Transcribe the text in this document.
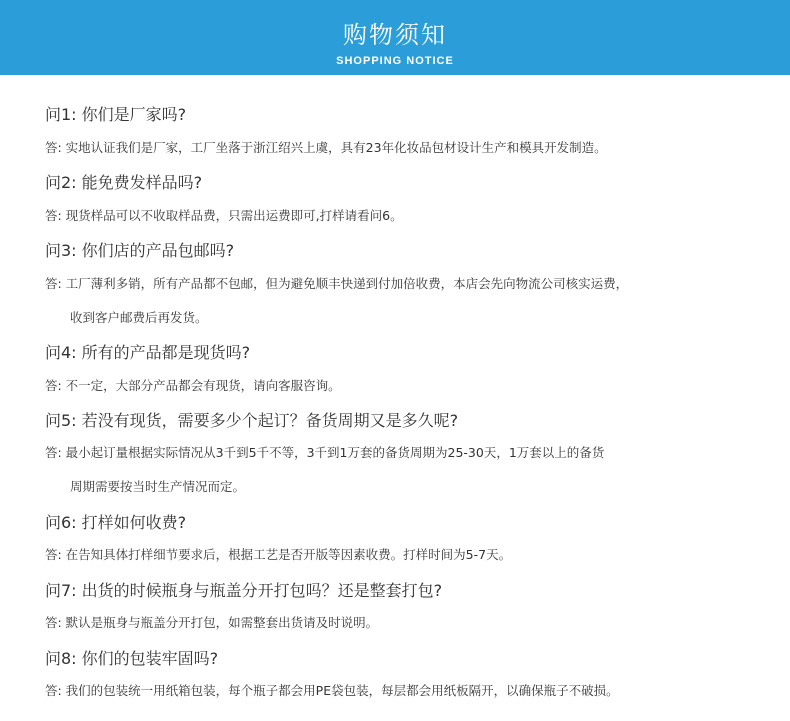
购物须知
SHOPPING NOTICE
问1: 你们是厂家吗?
答: 实地认证我们是厂家，工厂坐落于浙江绍兴上虞，具有23年化妆品包材设计生产和模具开发制造。
问2: 能免费发样品吗?
答: 现货样品可以不收取样品费，只需出运费即可,打样请看问6。
问3: 你们店的产品包邮吗?
答: 工厂薄利多销，所有产品都不包邮，但为避免顺丰快递到付加倍收费，本店会先向物流公司核实运费，
收到客户邮费后再发货。
问4: 所有的产品都是现货吗?
答: 不一定，大部分产品都会有现货，请向客服咨询。
问5: 若没有现货，需要多少个起订？备货周期又是多久呢?
答: 最小起订量根据实际情况从3千到5千不等，3千到1万套的备货周期为25-30天，1万套以上的备货
周期需要按当时生产情况而定。
问6: 打样如何收费?
答: 在告知具体打样细节要求后，根据工艺是否开版等因素收费。打样时间为5-7天。
问7: 出货的时候瓶身与瓶盖分开打包吗？还是整套打包?
答: 默认是瓶身与瓶盖分开打包，如需整套出货请及时说明。
问8: 你们的包装牢固吗?
答: 我们的包装统一用纸箱包装，每个瓶子都会用PE袋包装，每层都会用纸板隔开，以确保瓶子不破损。
